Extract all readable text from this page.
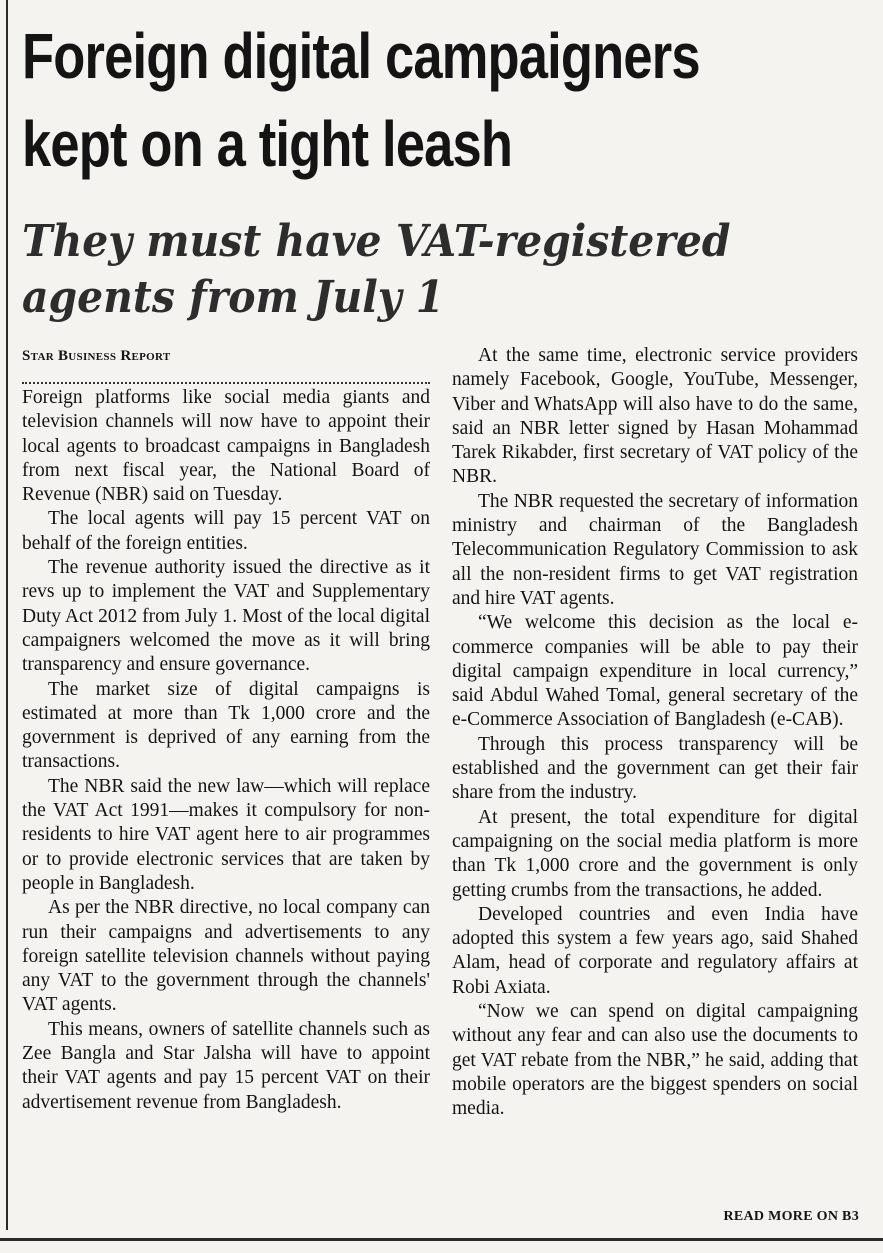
Foreign digital campaigners
kept on a tight leash
They must have VAT-registered
agents from July 1
Star Business Report

Foreign platforms like social media giants and television channels will now have to appoint their local agents to broadcast campaigns in Bangladesh from next fiscal year, the National Board of Revenue (NBR) said on Tuesday.

The local agents will pay 15 percent VAT on behalf of the foreign entities.

The revenue authority issued the directive as it revs up to implement the VAT and Supplementary Duty Act 2012 from July 1. Most of the local digital campaigners welcomed the move as it will bring transparency and ensure governance.

The market size of digital campaigns is estimated at more than Tk 1,000 crore and the government is deprived of any earning from the transactions.

The NBR said the new law—which will replace the VAT Act 1991—makes it compulsory for non-residents to hire VAT agent here to air programmes or to provide electronic services that are taken by people in Bangladesh.

As per the NBR directive, no local company can run their campaigns and advertisements to any foreign satellite television channels without paying any VAT to the government through the channels' VAT agents.

This means, owners of satellite channels such as Zee Bangla and Star Jalsha will have to appoint their VAT agents and pay 15 percent VAT on their advertisement revenue from Bangladesh.

At the same time, electronic service providers namely Facebook, Google, YouTube, Messenger, Viber and WhatsApp will also have to do the same, said an NBR letter signed by Hasan Mohammad Tarek Rikabder, first secretary of VAT policy of the NBR.

The NBR requested the secretary of information ministry and chairman of the Bangladesh Telecommunication Regulatory Commission to ask all the non-resident firms to get VAT registration and hire VAT agents.

“We welcome this decision as the local e-commerce companies will be able to pay their digital campaign expenditure in local currency,” said Abdul Wahed Tomal, general secretary of the e-Commerce Association of Bangladesh (e-CAB).

Through this process transparency will be established and the government can get their fair share from the industry.

At present, the total expenditure for digital campaigning on the social media platform is more than Tk 1,000 crore and the government is only getting crumbs from the transactions, he added.

Developed countries and even India have adopted this system a few years ago, said Shahed Alam, head of corporate and regulatory affairs at Robi Axiata.

“Now we can spend on digital campaigning without any fear and can also use the documents to get VAT rebate from the NBR,” he said, adding that mobile operators are the biggest spenders on social media.

READ MORE ON B3
